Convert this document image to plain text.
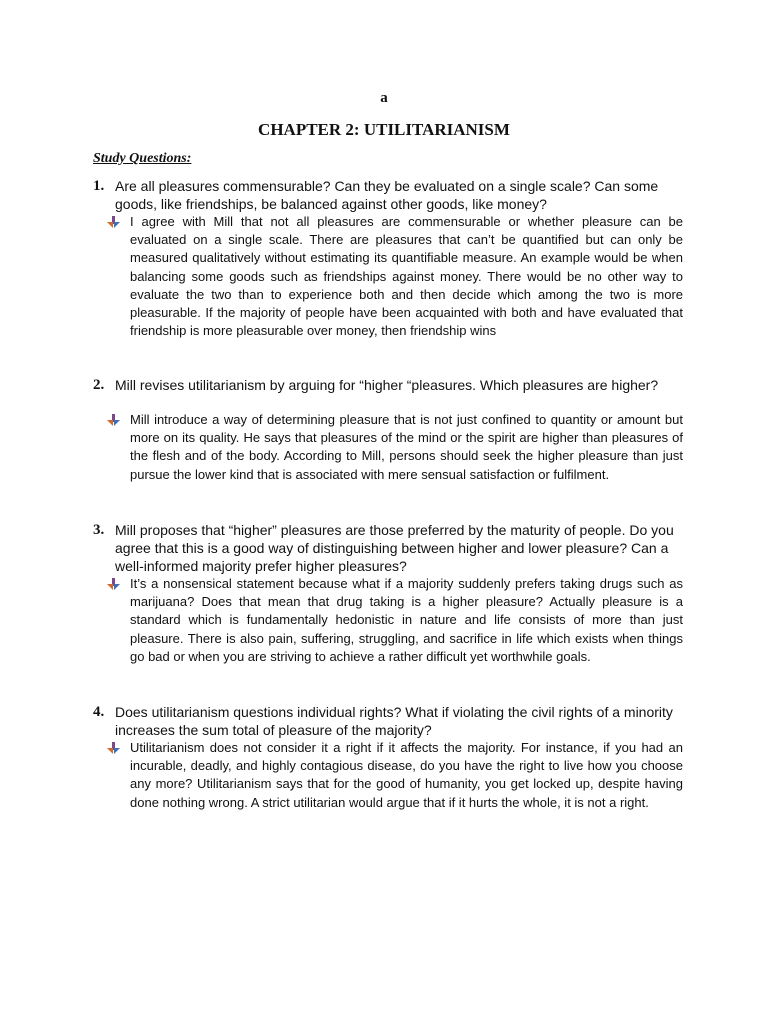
a
CHAPTER 2: UTILITARIANISM
Study Questions:
1. Are all pleasures commensurable? Can they be evaluated on a single scale? Can some goods, like friendships, be balanced against other goods, like money?
I agree with Mill that not all pleasures are commensurable or whether pleasure can be evaluated on a single scale. There are pleasures that can’t be quantified but can only be measured qualitatively without estimating its quantifiable measure. An example would be when balancing some goods such as friendships against money. There would be no other way to evaluate the two than to experience both and then decide which among the two is more pleasurable. If the majority of people have been acquainted with both and have evaluated that friendship is more pleasurable over money, then friendship wins
2. Mill revises utilitarianism by arguing for “higher “pleasures. Which pleasures are higher?
Mill introduce a way of determining pleasure that is not just confined to quantity or amount but more on its quality. He says that pleasures of the mind or the spirit are higher than pleasures of the flesh and of the body. According to Mill, persons should seek the higher pleasure than just pursue the lower kind that is associated with mere sensual satisfaction or fulfilment.
3. Mill proposes that “higher” pleasures are those preferred by the maturity of people. Do you agree that this is a good way of distinguishing between higher and lower pleasure? Can a well-informed majority prefer higher pleasures?
It’s a nonsensical statement because what if a majority suddenly prefers taking drugs such as marijuana? Does that mean that drug taking is a higher pleasure? Actually pleasure is a standard which is fundamentally hedonistic in nature and life consists of more than just pleasure. There is also pain, suffering, struggling, and sacrifice in life which exists when things go bad or when you are striving to achieve a rather difficult yet worthwhile goals.
4. Does utilitarianism questions individual rights? What if violating the civil rights of a minority increases the sum total of pleasure of the majority?
Utilitarianism does not consider it a right if it affects the majority. For instance, if you had an incurable, deadly, and highly contagious disease, do you have the right to live how you choose any more? Utilitarianism says that for the good of humanity, you get locked up, despite having done nothing wrong. A strict utilitarian would argue that if it hurts the whole, it is not a right.
